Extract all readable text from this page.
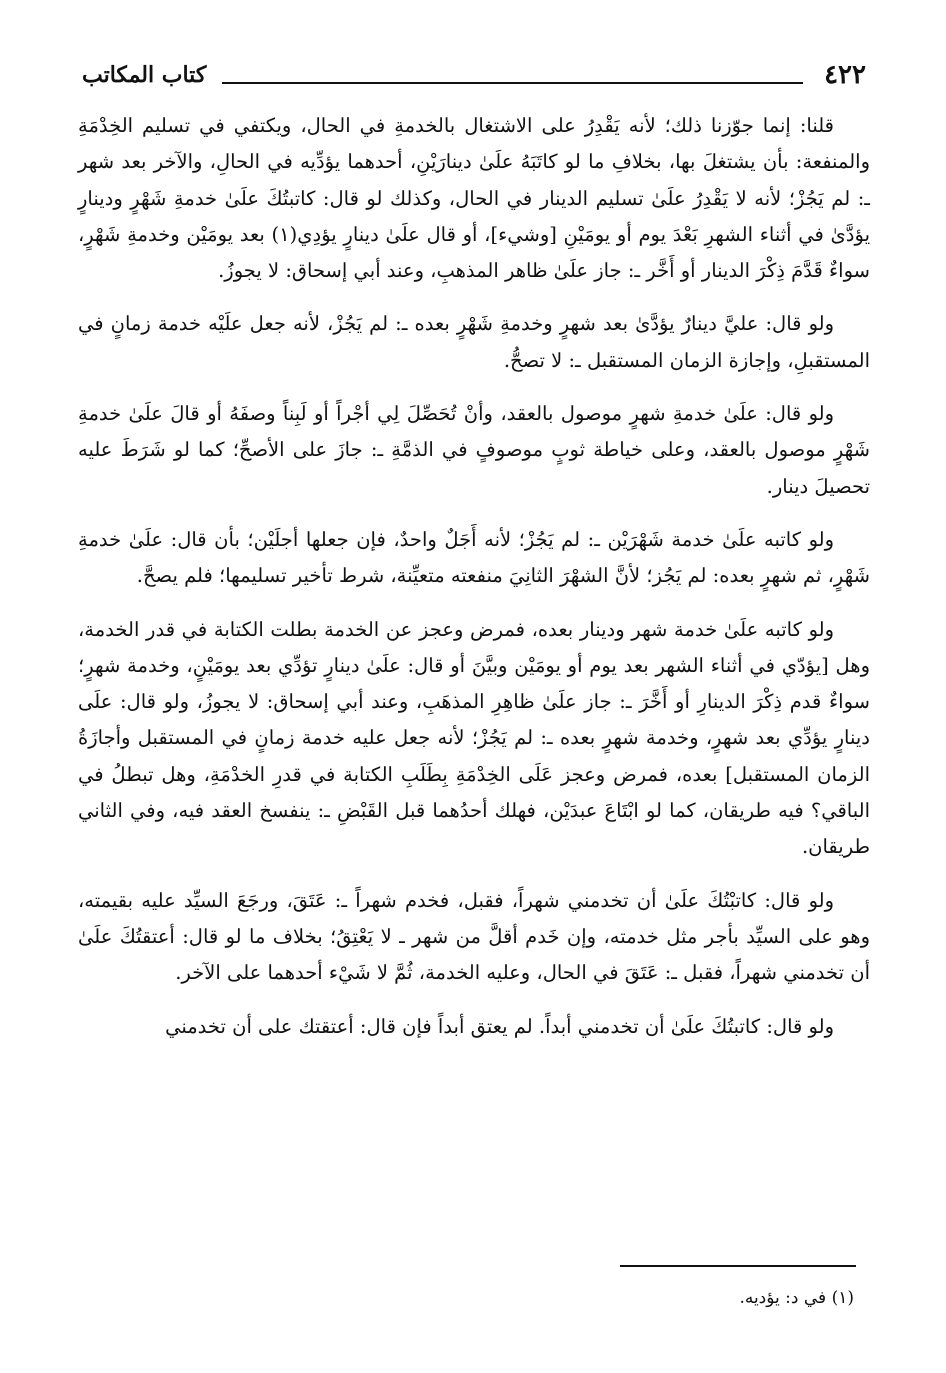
٤٢٢
كتاب المكاتب

قلنا: إنما جوّزنا ذلك؛ لأنه يَقْدِرُ على الاشتغال بالخدمةِ في الحال، ويكتفي في تسليم الخِدْمَةِ والمنفعة: بأن يشتغلَ بها، بخلافِ ما لو كاتَبَهُ علَىٰ دينارَيْنِ، أحدهما يؤدِّيه في الحالِ، والآخر بعد شهر ـ: لم يَجُزْ؛ لأنه لا يَقْدِرُ علَىٰ تسليم الدينار في الحال، وكذلك لو قال: كاتبتُكَ علَىٰ خدمةِ شَهْرٍ ودينارٍ يؤدَّىٰ في أثناء الشهرِ بَعْدَ يوم أو يومَيْنِ [وشيء]، أو قال علَىٰ دينارٍ يؤدِي(١) بعد يومَيْن وخدمةِ شَهْرٍ، سواءٌ قَدَّمَ ذِكْرَ الدينار أو أَخَّر ـ: جاز علَىٰ ظاهر المذهبِ، وعند أبي إسحاق: لا يجوزُ.

ولو قال: عليَّ دينارٌ يؤدَّىٰ بعد شهرٍ وخدمةِ شَهْرٍ بعده ـ: لم يَجُزْ، لأنه جعل علَيْه خدمة زمانٍ في المستقبلِ، وإجازة الزمان المستقبل ـ: لا تصحُّ.

ولو قال: علَىٰ خدمةِ شهرٍ موصول بالعقد، وأنْ تُحَصِّلَ لِي أجْراً أو لَبِناً وصفَهُ أو قالَ علَىٰ خدمةِ شَهْرٍ موصول بالعقد، وعلى خياطة ثوبٍ موصوفٍ في الذمَّةِ ـ: جازَ على الأصحِّ؛ كما لو شَرَطَ عليه تحصيلَ دينار.

ولو كاتبه علَىٰ خدمة شَهْرَيْن ـ: لم يَجُزْ؛ لأنه أَجَلٌ واحدٌ، فإن جعلها أجلَيْن؛ بأن قال: علَىٰ خدمةِ شَهْرٍ، ثم شهرٍ بعده: لم يَجُز؛ لأنَّ الشهْرَ الثانِيَ منفعته متعيِّنة، شرط تأخير تسليمها؛ فلم يصحَّ.

ولو كاتبه علَىٰ خدمة شهر ودينار بعده، فمرض وعجز عن الخدمة بطلت الكتابة في قدر الخدمة، وهل [يؤدّي في أثناء الشهر بعد يوم أو يومَيْن وبيَّنَ أو قال: علَىٰ دينارٍ تؤدِّي بعد يومَيْنٍ، وخدمة شهرٍ؛ سواءٌ قدم ذِكْرَ الدينارِ أو أَخَّرَ ـ: جاز علَىٰ ظاهِرِ المذهَبِ، وعند أبي إسحاق: لا يجوزُ، ولو قال: علَى دينارٍ يؤدِّي بعد شهرٍ، وخدمة شهرٍ بعده ـ: لم يَجُزْ؛ لأنه جعل عليه خدمة زمانٍ في المستقبل وأجازَةُ الزمان المستقبل] بعده، فمرض وعجز عَلَى الخِدْمَةِ بِطَلَبِ الكتابة في قدرِ الخدْمَةِ، وهل تبطلُ في الباقي؟ فيه طريقان، كما لو ابْتَاعَ عبدَيْن، فهلك أحدُهما قبل القَبْضِ ـ: ينفسخ العقد فيه، وفي الثاني طريقان.

ولو قال: كاتبْتُكَ علَىٰ أن تخدمني شهراً، فقبل، فخدم شهراً ـ: عَتَقَ، ورجَعَ السيِّد عليه بقيمته، وهو على السيِّد بأجر مثل خدمته، وإن خَدم أقلَّ من شهر ـ لا يَعْتِقُ؛ بخلاف ما لو قال: أعتقتُكَ علَىٰ أن تخدمني شهراً، فقبل ـ: عَتَقَ في الحال، وعليه الخدمة، ثُمَّ لا شَيْء أحدهما على الآخر.

ولو قال: كاتبتُكَ علَىٰ أن تخدمني أبداً. لم يعتق أبداً فإن قال: أعتقتك على أن تخدمني

(١) في د: يؤديه.
